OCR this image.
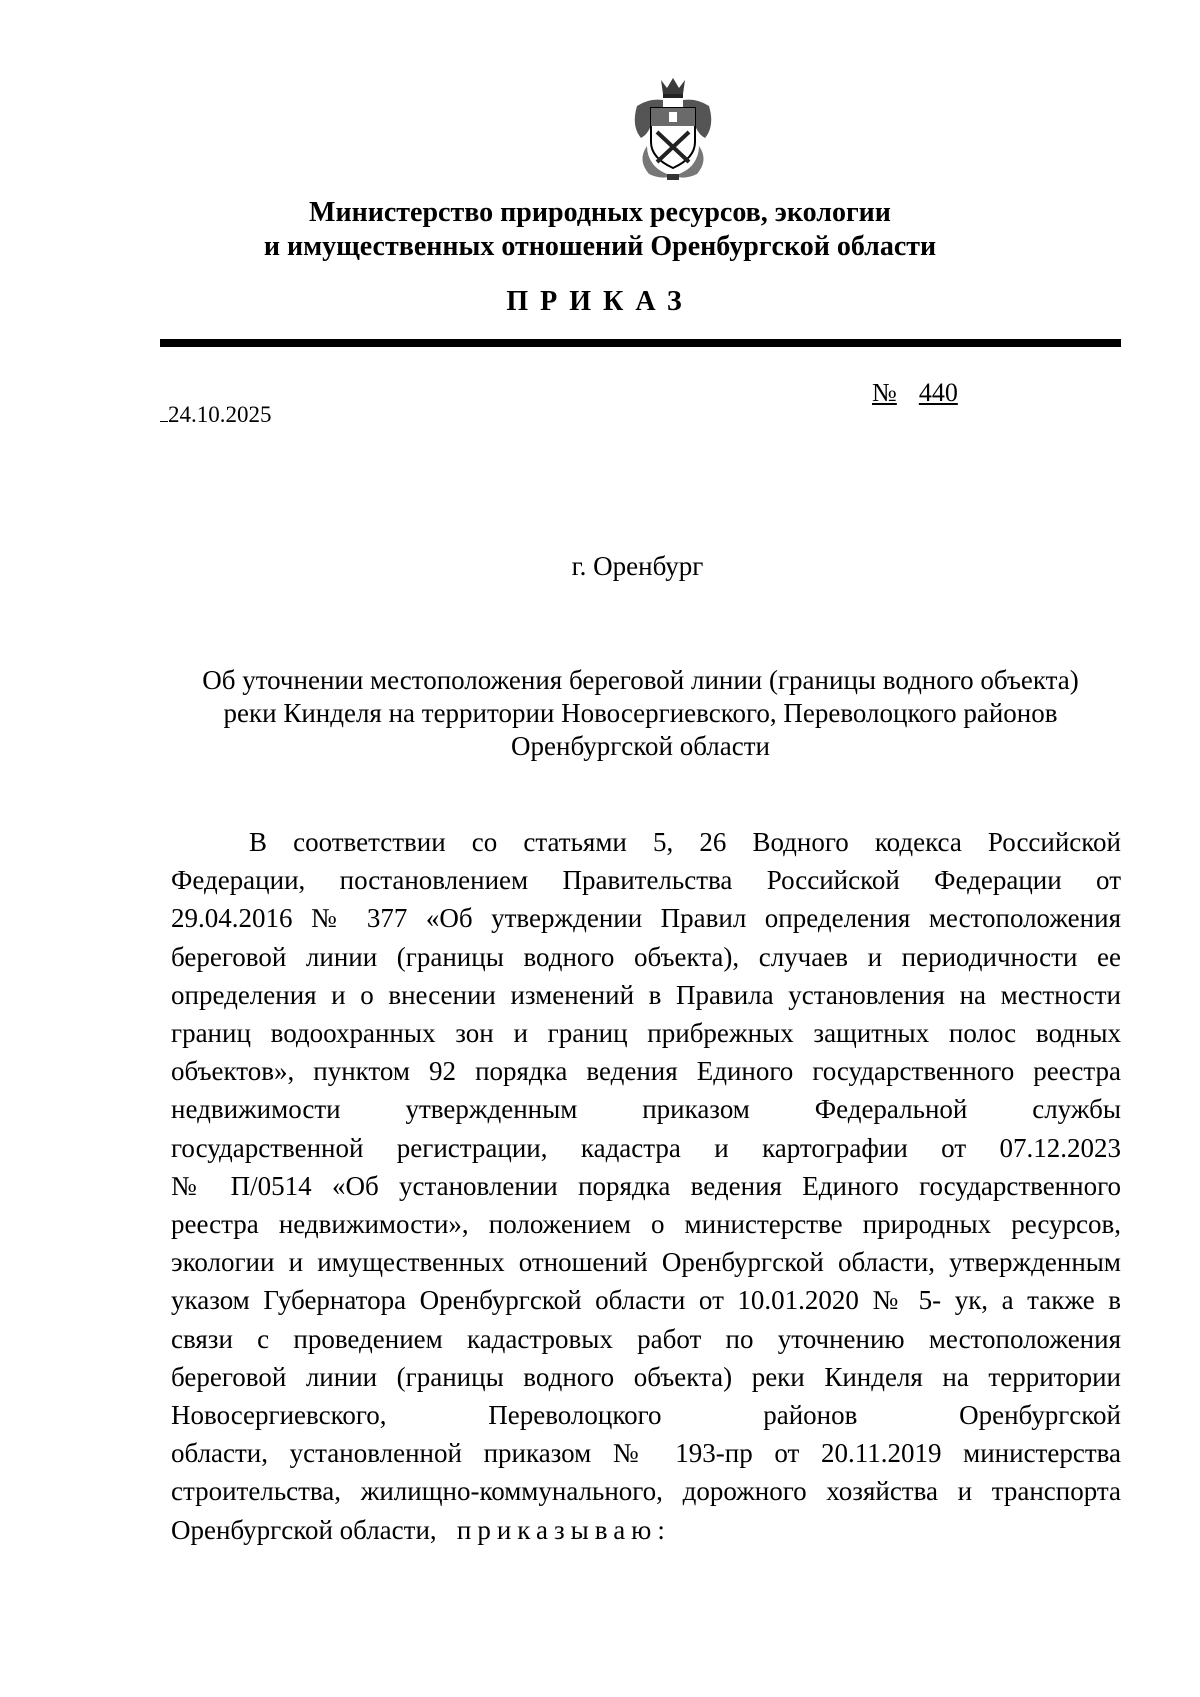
Министерство природных ресурсов, экологии
и имущественных отношений Оренбургской области
ПРИКАЗ
24.10.2025
№ 440
г. Оренбург
Об уточнении местоположения береговой линии (границы водного объекта)
реки Кинделя на территории Новосергиевского, Переволоцкого районов
Оренбургской области
В соответствии со статьями 5, 26 Водного кодекса Российской
Федерации, постановлением Правительства Российской Федерации от
29.04.2016 № 377 «Об утверждении Правил определения местоположения
береговой линии (границы водного объекта), случаев и периодичности ее
определения и о внесении изменений в Правила установления на местности
границ водоохранных зон и границ прибрежных защитных полос водных
объектов», пунктом 92 порядка ведения Единого государственного реестра
недвижимости утвержденным приказом Федеральной службы
государственной регистрации, кадастра и картографии от 07.12.2023
№ П/0514 «Об установлении порядка ведения Единого государственного
реестра недвижимости», положением о министерстве природных ресурсов,
экологии и имущественных отношений Оренбургской области, утвержденным
указом Губернатора Оренбургской области от 10.01.2020 № 5- ук, а также в
связи с проведением кадастровых работ по уточнению местоположения
береговой линии (границы водного объекта) реки Кинделя на территории
Новосергиевского, Переволоцкого районов Оренбургской
области, установленной приказом № 193-пр от 20.11.2019 министерства
строительства, жилищно-коммунального, дорожного хозяйства и транспорта
Оренбургской области, приказываю:
